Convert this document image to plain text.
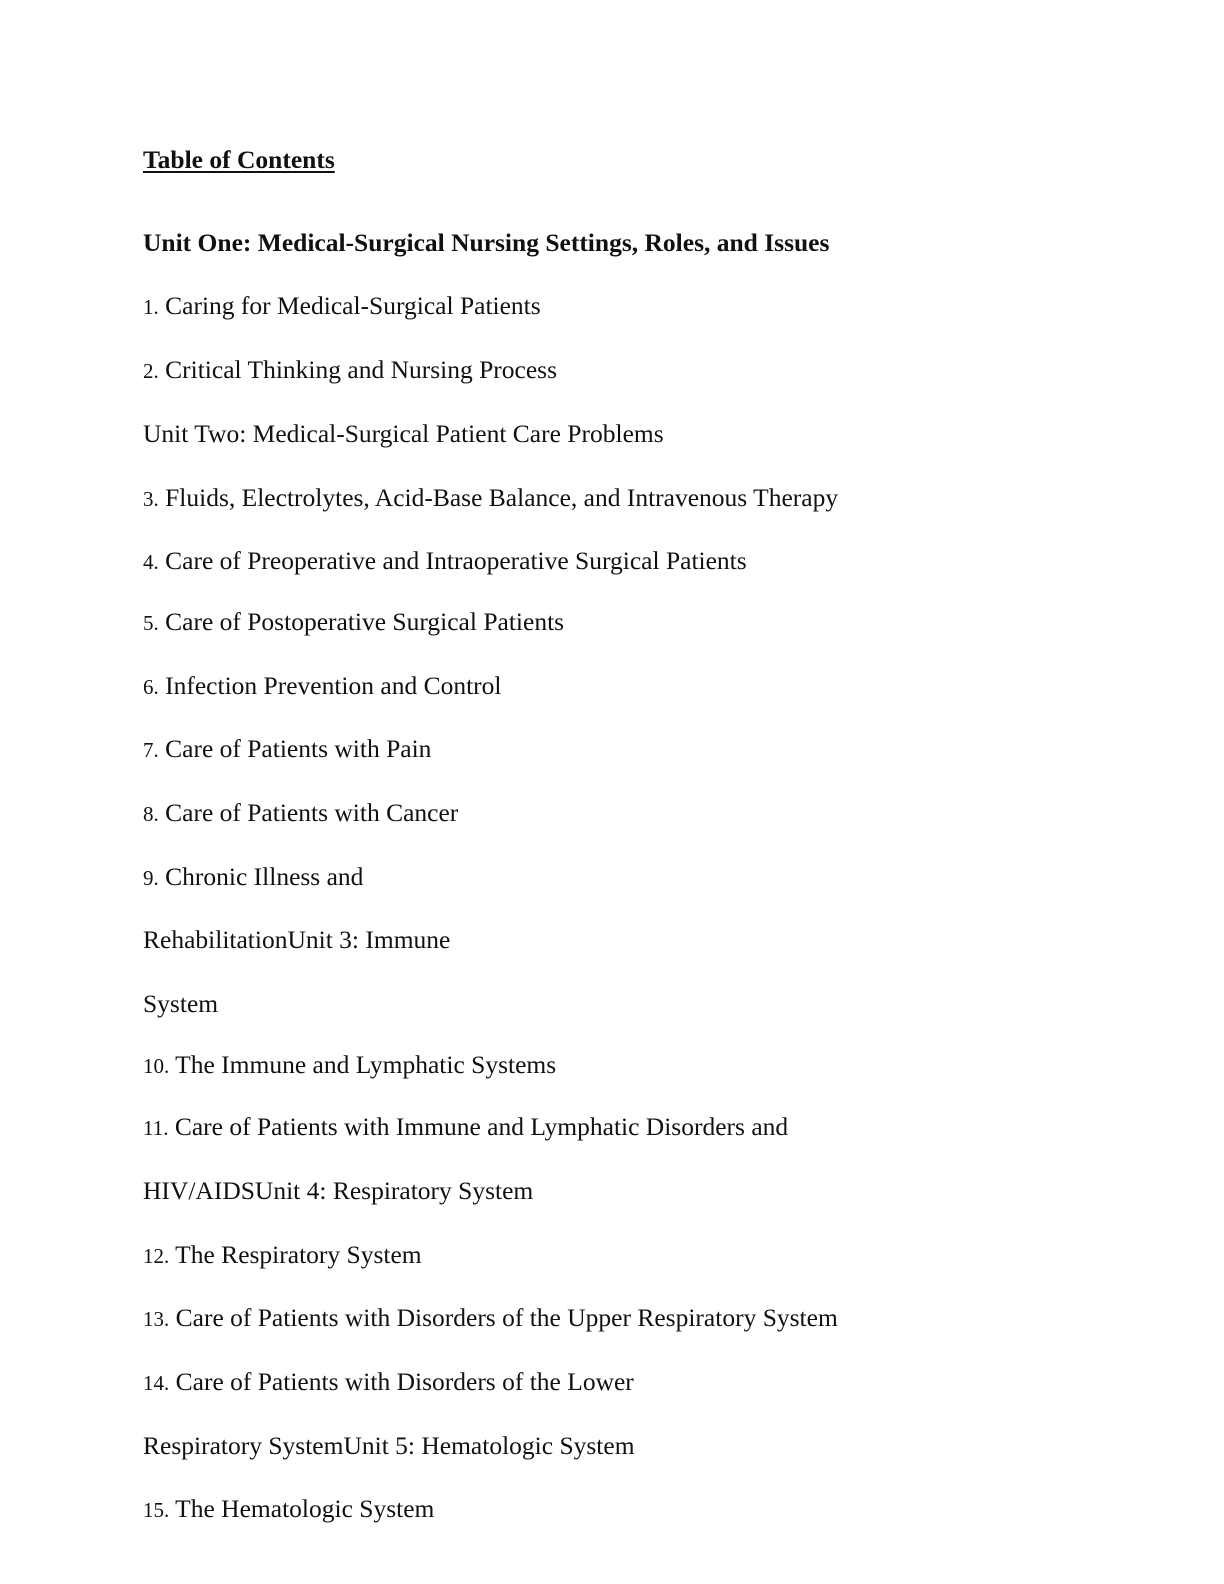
Table of Contents
Unit One: Medical-Surgical Nursing Settings, Roles, and Issues
1. Caring for Medical-Surgical Patients
2. Critical Thinking and Nursing Process
Unit Two: Medical-Surgical Patient Care Problems
3. Fluids, Electrolytes, Acid-Base Balance, and Intravenous Therapy
4. Care of Preoperative and Intraoperative Surgical Patients
5. Care of Postoperative Surgical Patients
6. Infection Prevention and Control
7. Care of Patients with Pain
8. Care of Patients with Cancer
9. Chronic Illness and
RehabilitationUnit 3: Immune
System
10. The Immune and Lymphatic Systems
11. Care of Patients with Immune and Lymphatic Disorders and
HIV/AIDSUnit 4: Respiratory System
12. The Respiratory System
13. Care of Patients with Disorders of the Upper Respiratory System
14. Care of Patients with Disorders of the Lower
Respiratory SystemUnit 5: Hematologic System
15. The Hematologic System
